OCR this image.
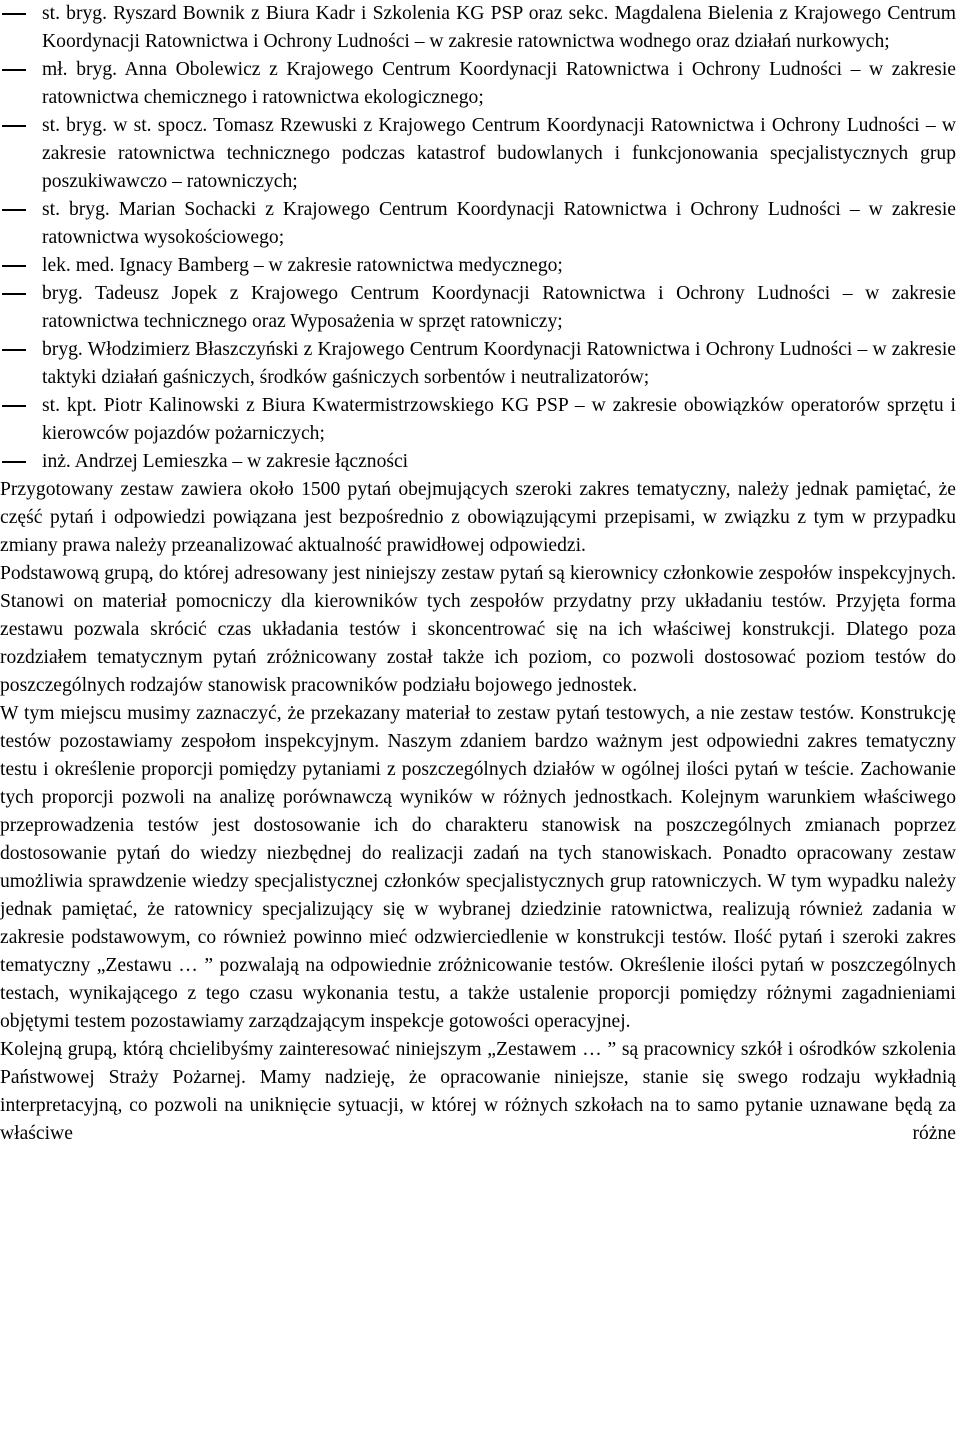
st. bryg. Ryszard Bownik z Biura Kadr i Szkolenia KG PSP oraz sekc. Magdalena Bielenia z Krajowego Centrum Koordynacji Ratownictwa i Ochrony Ludności – w zakresie ratownictwa wodnego oraz działań nurkowych;
mł. bryg. Anna Obolewicz z Krajowego Centrum Koordynacji Ratownictwa i Ochrony Ludności – w zakresie ratownictwa chemicznego i ratownictwa ekologicznego;
st. bryg. w st. spocz. Tomasz Rzewuski z Krajowego Centrum Koordynacji Ratownictwa i Ochrony Ludności – w zakresie ratownictwa technicznego podczas katastrof budowlanych i funkcjonowania specjalistycznych grup poszukiwawczo – ratowniczych;
st. bryg. Marian Sochacki z Krajowego Centrum Koordynacji Ratownictwa i Ochrony Ludności – w zakresie ratownictwa wysokościowego;
lek. med. Ignacy Bamberg – w zakresie ratownictwa medycznego;
bryg. Tadeusz Jopek z Krajowego Centrum Koordynacji Ratownictwa i Ochrony Ludności – w zakresie ratownictwa technicznego oraz Wyposażenia w sprzęt ratowniczy;
bryg. Włodzimierz Błaszczyński z Krajowego Centrum Koordynacji Ratownictwa i Ochrony Ludności – w zakresie taktyki działań gaśniczych, środków gaśniczych sorbentów i neutralizatorów;
st. kpt. Piotr Kalinowski z Biura Kwatermistrzowskiego KG PSP – w zakresie obowiązków operatorów sprzętu i kierowców pojazdów pożarniczych;
inż. Andrzej Lemieszka – w zakresie łączności

Przygotowany zestaw zawiera około 1500 pytań obejmujących szeroki zakres tematyczny, należy jednak pamiętać, że część pytań i odpowiedzi powiązana jest bezpośrednio z obowiązującymi przepisami, w związku z tym w przypadku zmiany prawa należy przeanalizować aktualność prawidłowej odpowiedzi.

Podstawową grupą, do której adresowany jest niniejszy zestaw pytań są kierownicy członkowie zespołów inspekcyjnych. Stanowi on materiał pomocniczy dla kierowników tych zespołów przydatny przy układaniu testów. Przyjęta forma zestawu pozwala skrócić czas układania testów i skoncentrować się na ich właściwej konstrukcji. Dlatego poza rozdziałem tematycznym pytań zróżnicowany został także ich poziom, co pozwoli dostosować poziom testów do poszczególnych rodzajów stanowisk pracowników podziału bojowego jednostek.

W tym miejscu musimy zaznaczyć, że przekazany materiał to zestaw pytań testowych, a nie zestaw testów. Konstrukcję testów pozostawiamy zespołom inspekcyjnym. Naszym zdaniem bardzo ważnym jest odpowiedni zakres tematyczny testu i określenie proporcji pomiędzy pytaniami z poszczególnych działów w ogólnej ilości pytań w teście. Zachowanie tych proporcji pozwoli na analizę porównawczą wyników w różnych jednostkach. Kolejnym warunkiem właściwego przeprowadzenia testów jest dostosowanie ich do charakteru stanowisk na poszczególnych zmianach poprzez dostosowanie pytań do wiedzy niezbędnej do realizacji zadań na tych stanowiskach. Ponadto opracowany zestaw umożliwia sprawdzenie wiedzy specjalistycznej członków specjalistycznych grup ratowniczych. W tym wypadku należy jednak pamiętać, że ratownicy specjalizujący się w wybranej dziedzinie ratownictwa, realizują również zadania w zakresie podstawowym, co również powinno mieć odzwierciedlenie w konstrukcji testów. Ilość pytań i szeroki zakres tematyczny „Zestawu … ” pozwalają na odpowiednie zróżnicowanie testów. Określenie ilości pytań w poszczególnych testach, wynikającego z tego czasu wykonania testu, a także ustalenie proporcji pomiędzy różnymi zagadnieniami objętymi testem pozostawiamy zarządzającym inspekcje gotowości operacyjnej.

Kolejną grupą, którą chcielibyśmy zainteresować niniejszym „Zestawem … ” są pracownicy szkół i ośrodków szkolenia Państwowej Straży Pożarnej. Mamy nadzieję, że opracowanie niniejsze, stanie się swego rodzaju wykładnią interpretacyjną, co pozwoli na uniknięcie sytuacji, w której w różnych szkołach na to samo pytanie uznawane będą za właściwe różne
